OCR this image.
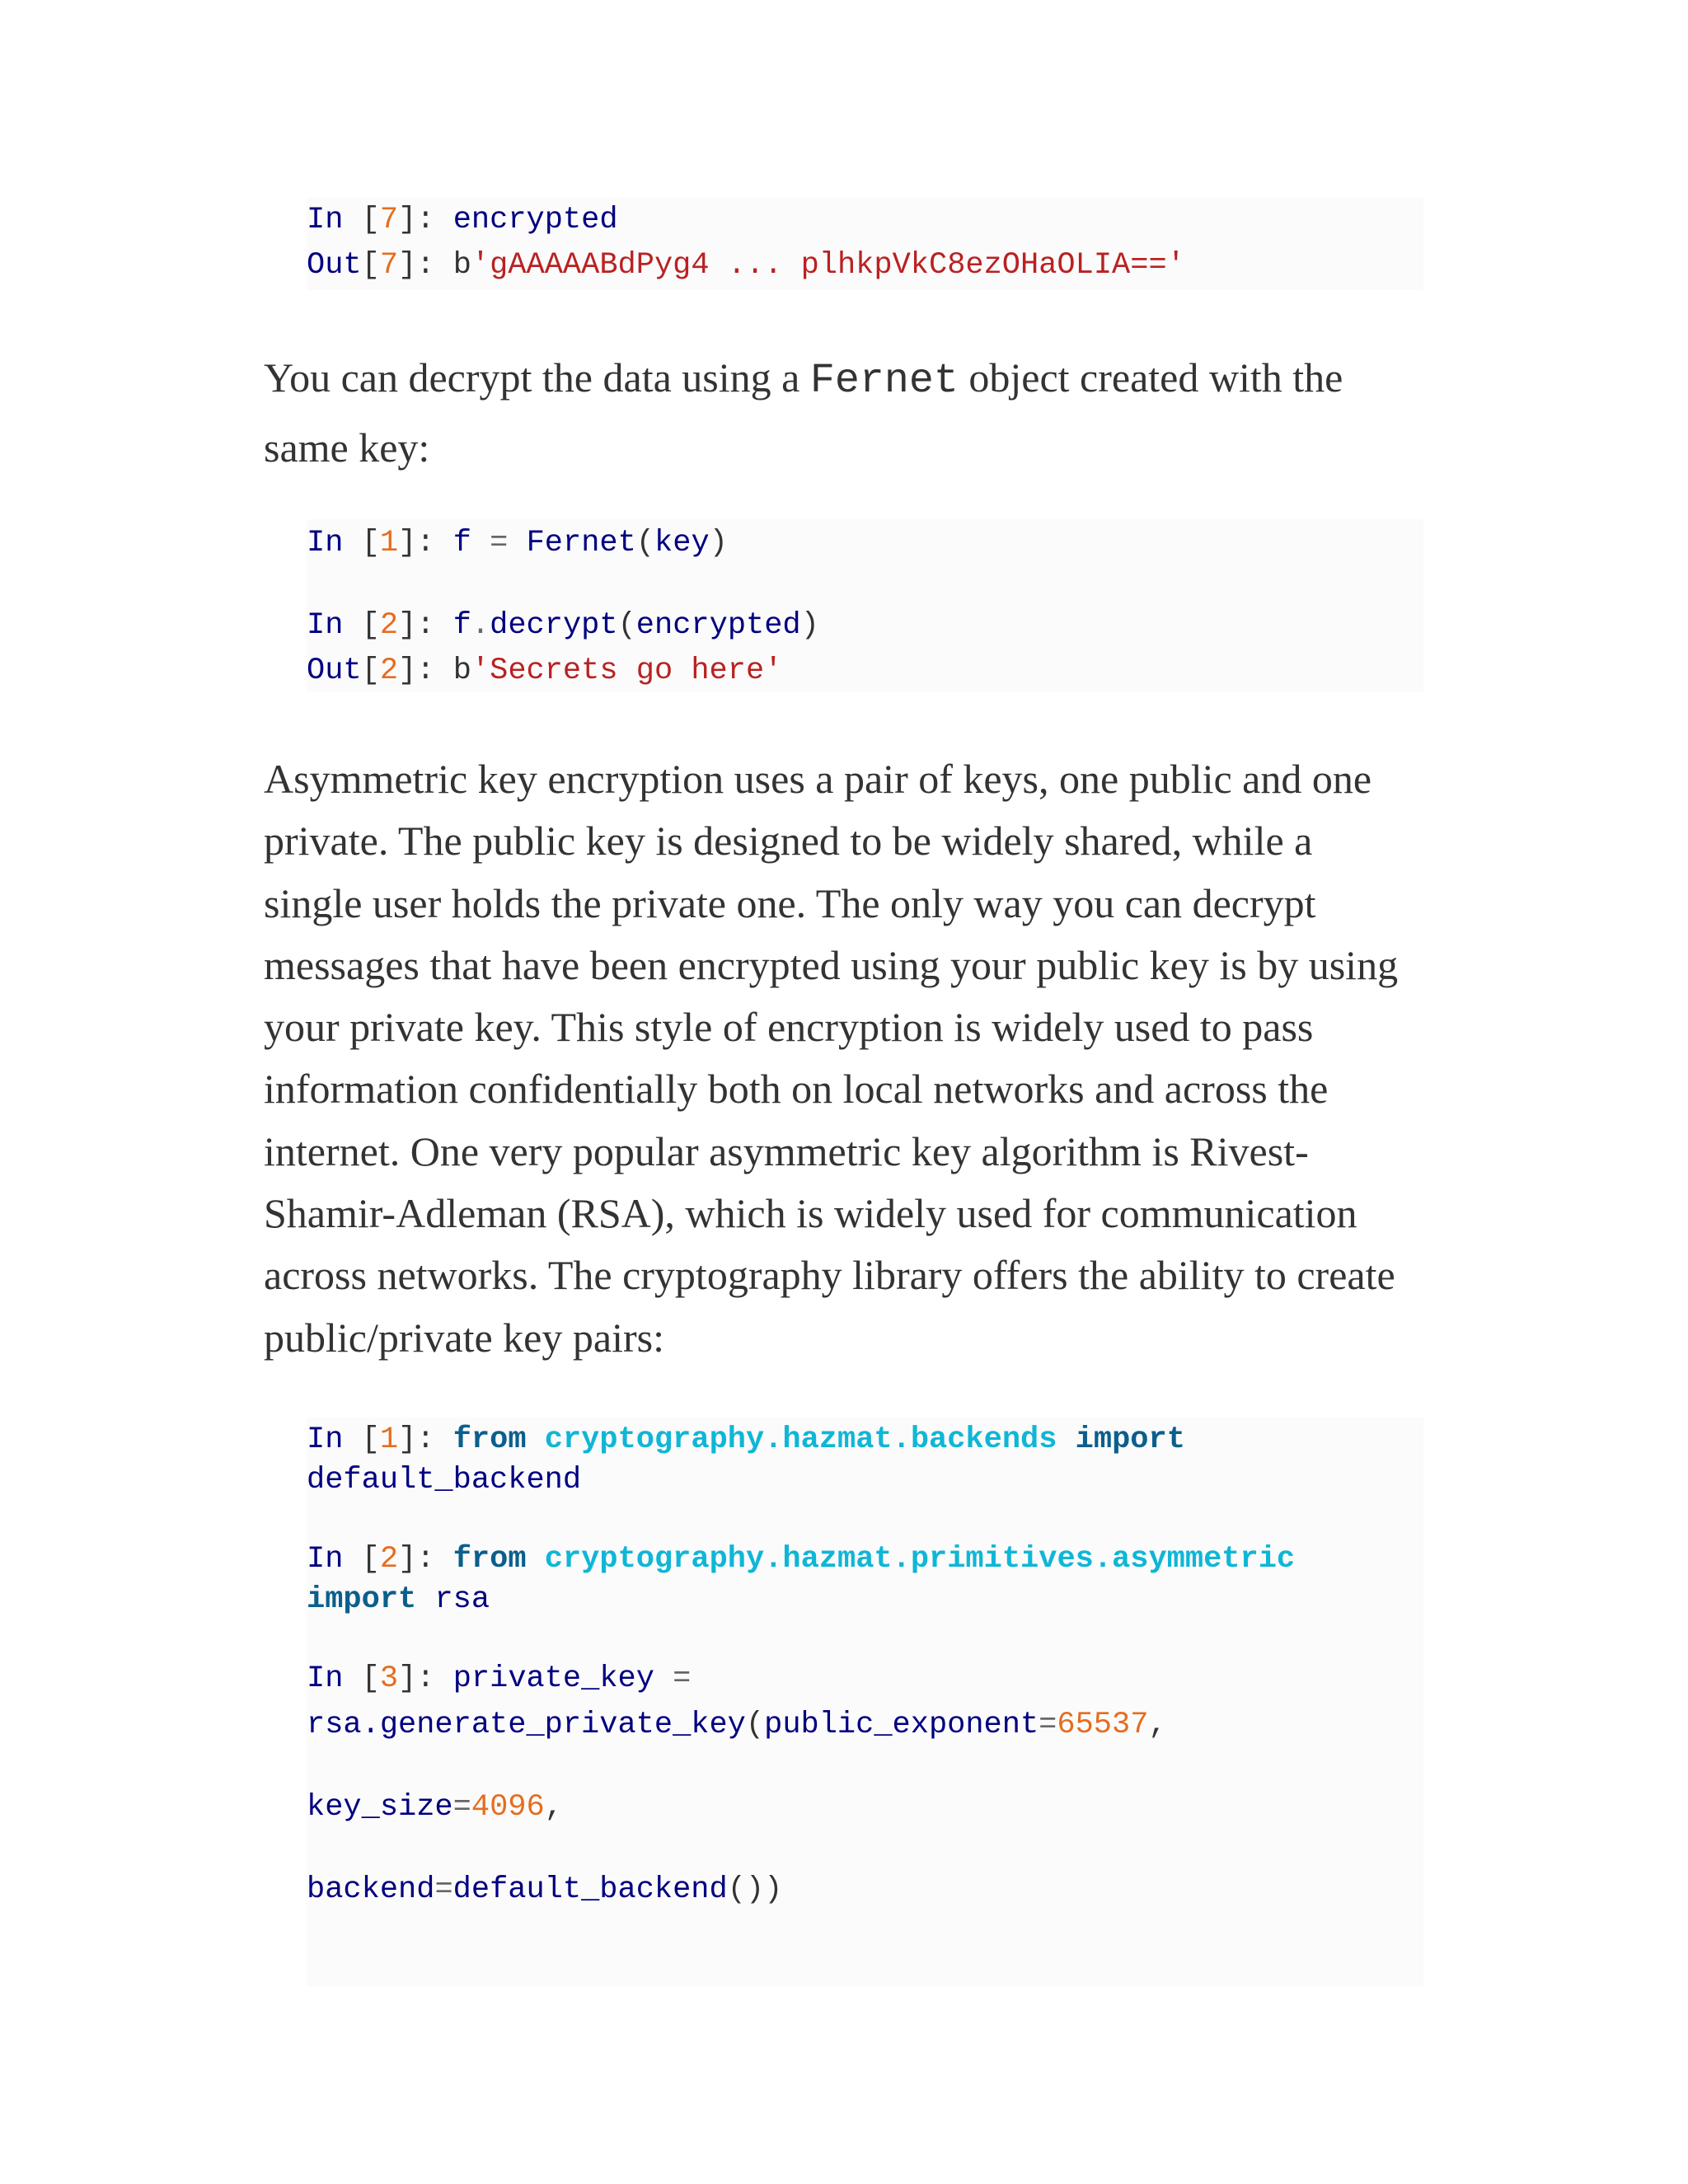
In [7]: encrypted

Out[7]: b'gAAAAABdPyg4 ... plhkpVkC8ezOHaOLIA=='

You can decrypt the data using a Fernet object created with the
same key:

In [1]: f = Fernet(key)

In [2]: f.decrypt(encrypted)

Out[2]: b'Secrets go here'

Asymmetric key encryption uses a pair of keys, one public and one
private. The public key is designed to be widely shared, while a
single user holds the private one. The only way you can decrypt
messages that have been encrypted using your public key is by using
your private key. This style of encryption is widely used to pass
information confidentially both on local networks and across the
internet. One very popular asymmetric key algorithm is Rivest-
Shamir-Adleman (RSA), which is widely used for communication
across networks. The cryptography library offers the ability to create
public/private key pairs:

In [1]: from cryptography.hazmat.backends import

default_backend

In [2]: from cryptography.hazmat.primitives.asymmetric

import rsa

In [3]: private_key =

rsa.generate_private_key(public_exponent=65537,

key_size=4096,

backend=default_backend())
